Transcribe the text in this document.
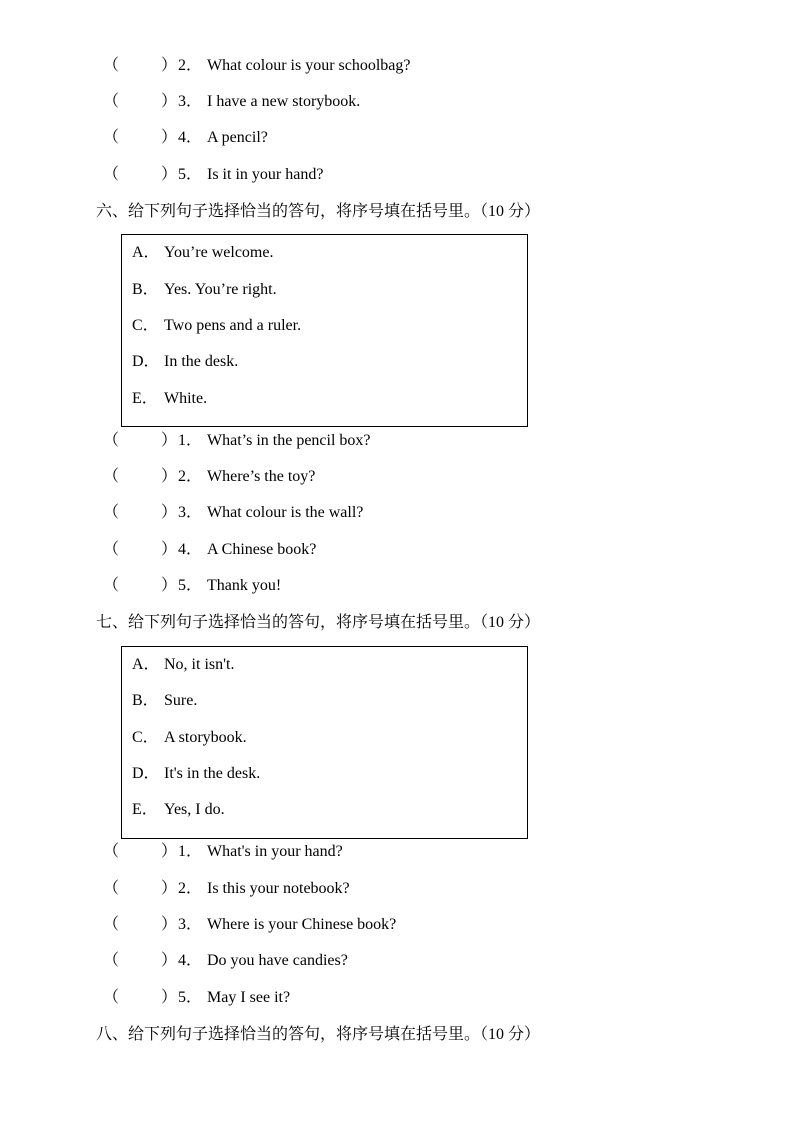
（	） 2． What colour is your schoolbag?
（	） 3． I have a new storybook.
（	） 4． A pencil?
（	） 5． Is it in your hand?
六、给下列句子选择恰当的答句，将序号填在括号里。（10 分）
A． You’re welcome.
B． Yes. You’re right.
C． Two pens and a ruler.
D． In the desk.
E． White.
（	） 1． What’s in the pencil box?
（	） 2． Where’s the toy?
（	） 3． What colour is the wall?
（	） 4． A Chinese book?
（	） 5． Thank you!
七、给下列句子选择恰当的答句，将序号填在括号里。（10 分）
A． No, it isn't.
B． Sure.
C． A storybook.
D． It's in the desk.
E． Yes, I do.
（	） 1． What's in your hand?
（	） 2． Is this your notebook?
（	） 3． Where is your Chinese book?
（	） 4． Do you have candies?
（	） 5． May I see it?
八、给下列句子选择恰当的答句，将序号填在括号里。（10 分）
